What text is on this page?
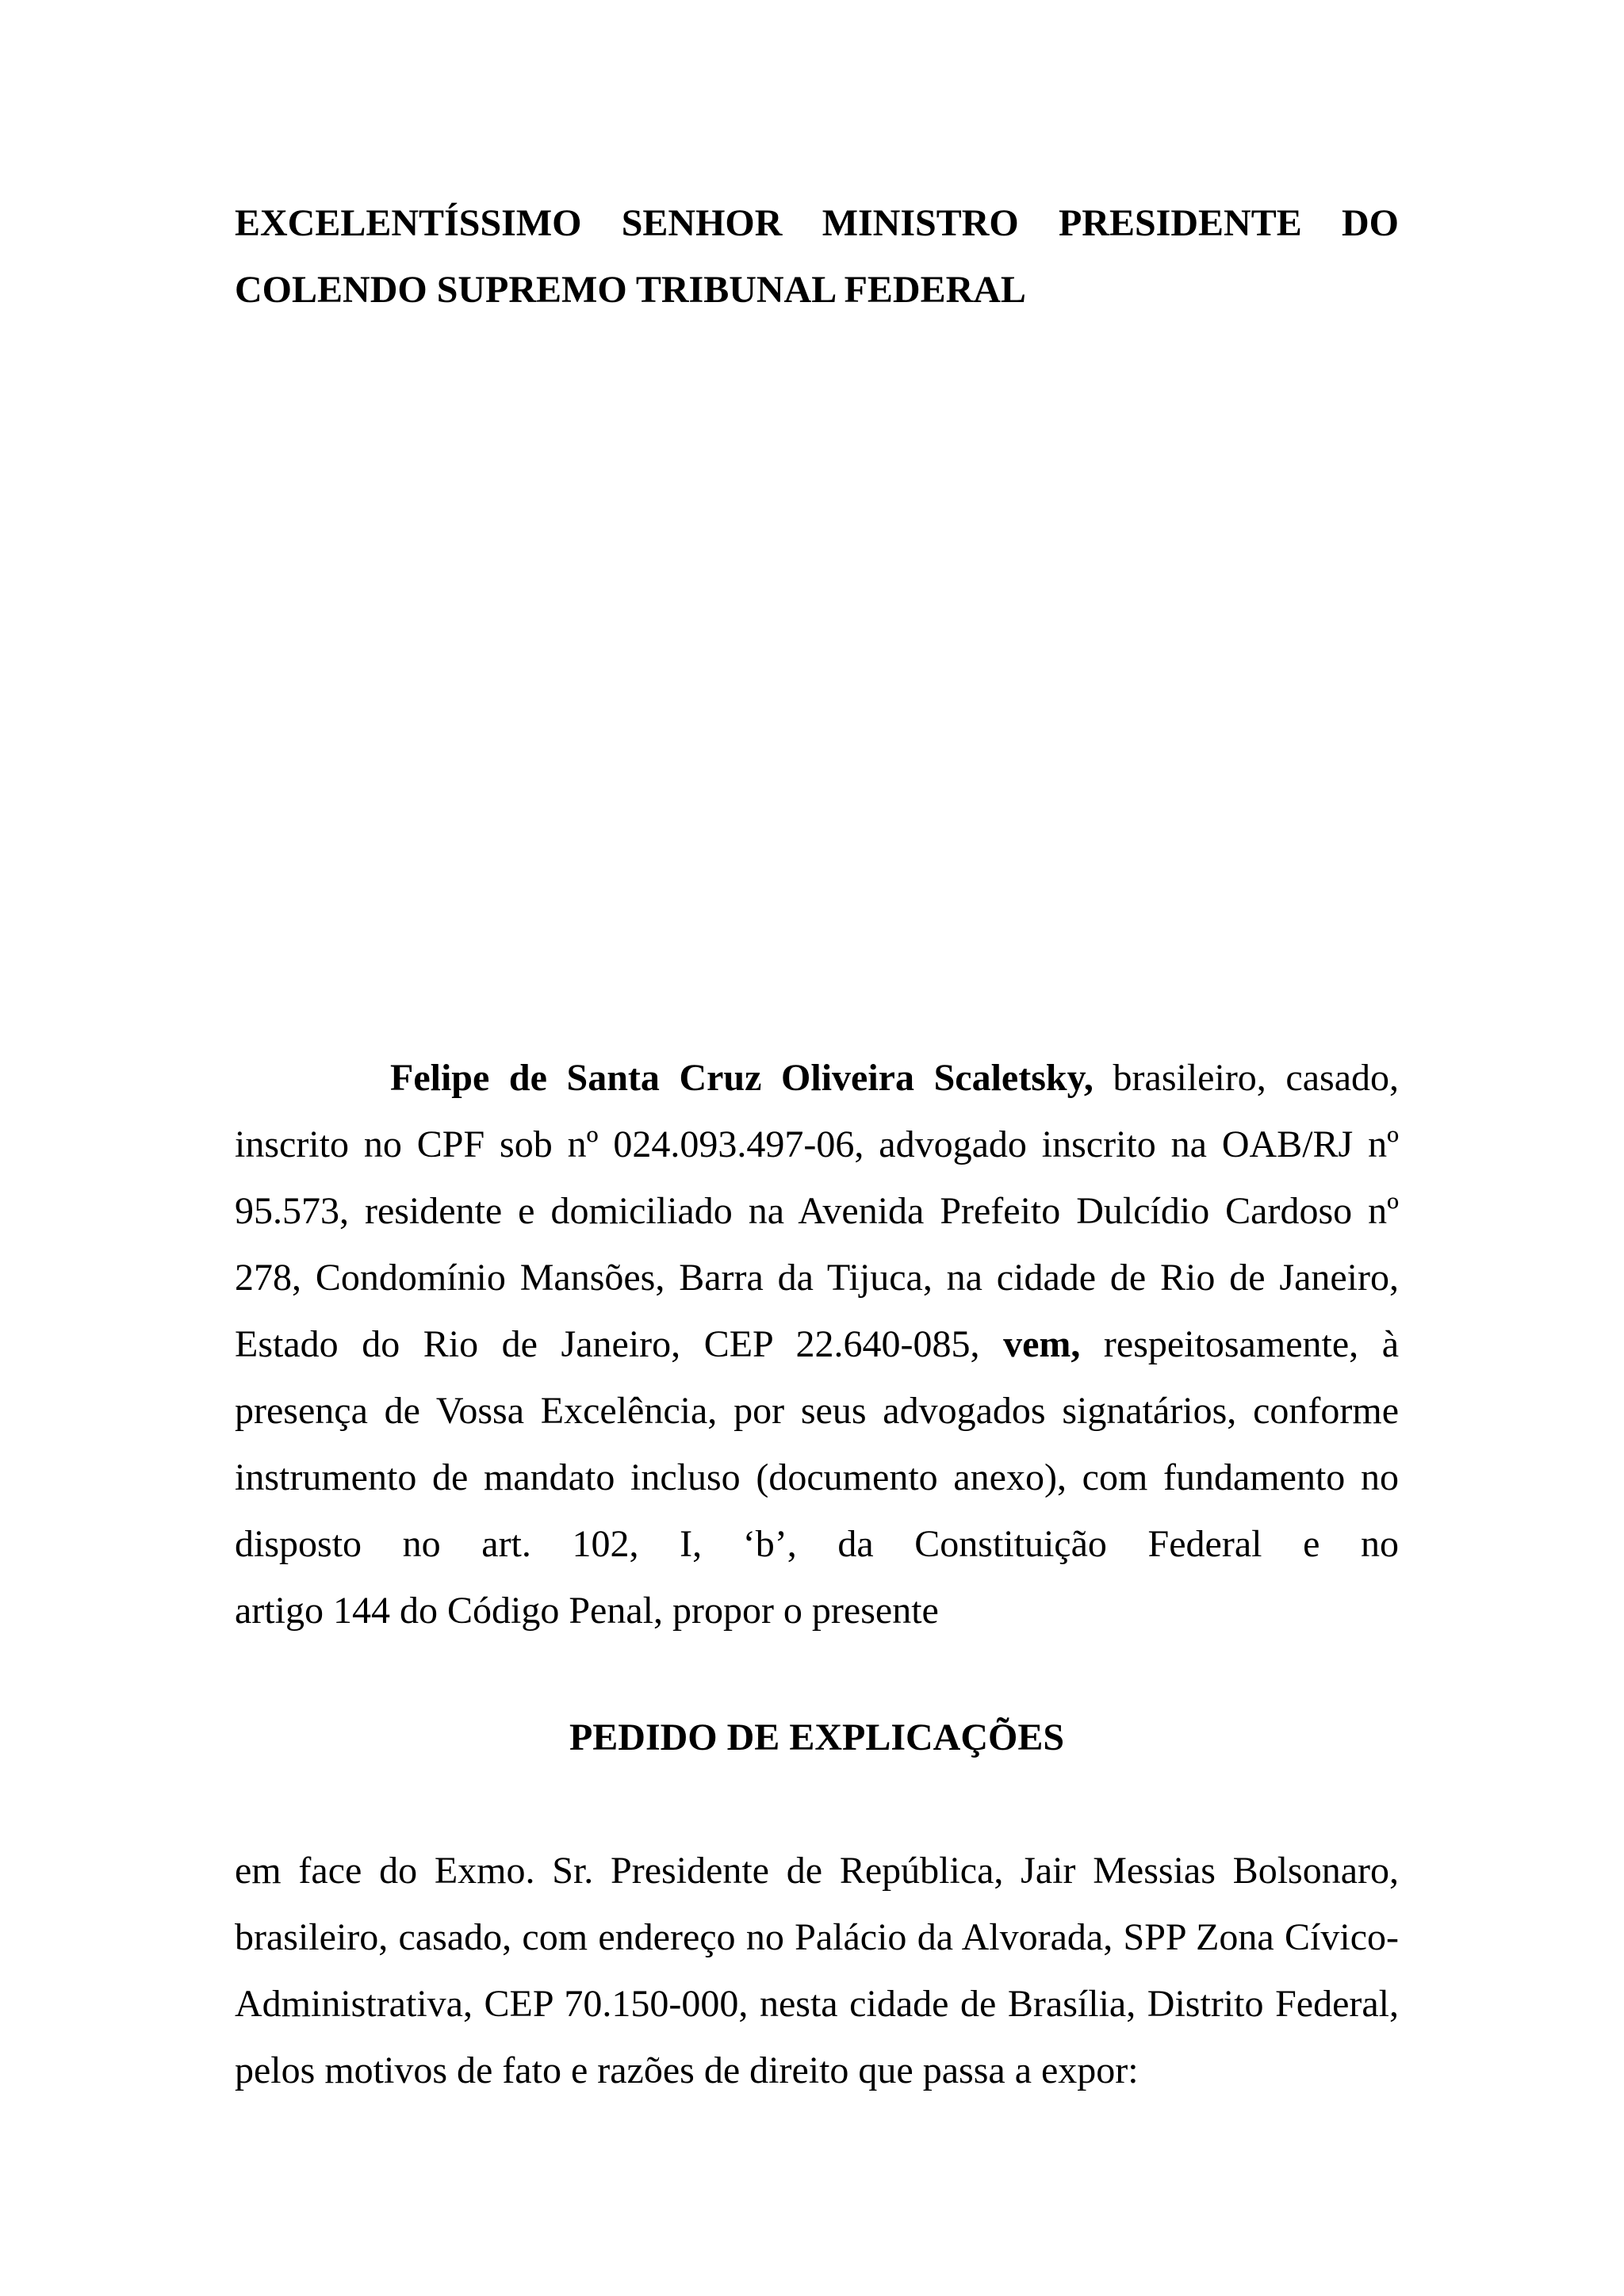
EXCELENTÍSSIMO SENHOR MINISTRO PRESIDENTE DO
COLENDO SUPREMO TRIBUNAL FEDERAL
Felipe de Santa Cruz Oliveira Scaletsky, brasileiro, casado,
inscrito no CPF sob nº 024.093.497-06, advogado inscrito na OAB/RJ nº
95.573, residente e domiciliado na Avenida Prefeito Dulcídio Cardoso nº
278, Condomínio Mansões, Barra da Tijuca, na cidade de Rio de Janeiro,
Estado do Rio de Janeiro, CEP 22.640-085, vem, respeitosamente, à
presença de Vossa Excelência, por seus advogados signatários, conforme
instrumento de mandato incluso (documento anexo), com fundamento no
disposto no art. 102, I, ‘b’, da Constituição Federal e no
artigo 144 do Código Penal, propor o presente
PEDIDO DE EXPLICAÇÕES
em face do Exmo. Sr. Presidente de República, Jair Messias Bolsonaro,
brasileiro, casado, com endereço no Palácio da Alvorada, SPP Zona Cívico-
Administrativa, CEP 70.150-000, nesta cidade de Brasília, Distrito Federal,
pelos motivos de fato e razões de direito que passa a expor:
